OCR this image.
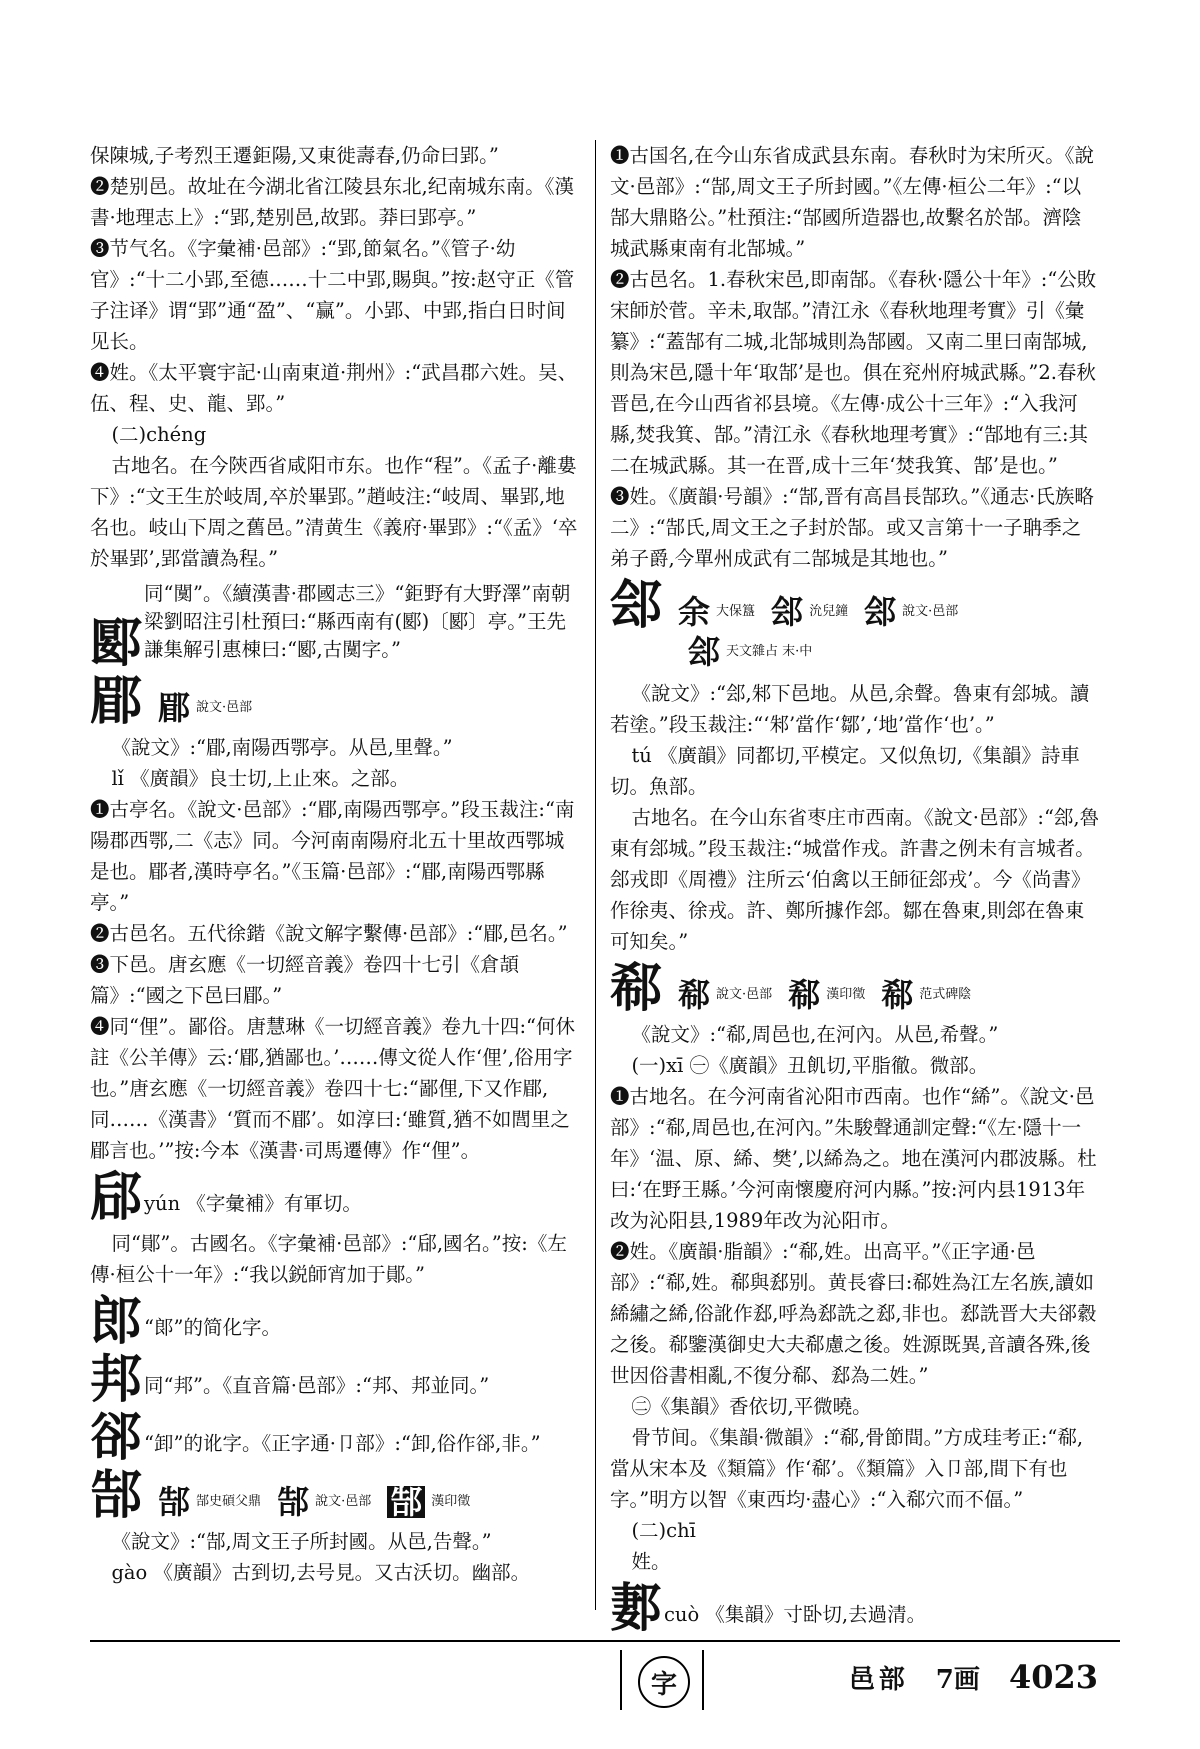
保陳城,子考烈王遷鉅陽,又東徙壽春,仍命曰郢。”

❷楚别邑。故址在今湖北省江陵县东北,纪南城东南。《漢書·地理志上》:“郢,楚别邑,故郢。莽曰郢亭。”

❸节气名。《字彙補·邑部》:“郢,節氣名。”《管子·幼官》:“十二小郢,至德……十二中郢,賜與。”按:赵守正《管子注译》谓“郢”通“盈”、“赢”。小郢、中郢,指白日时间见长。

❹姓。《太平寰宇記·山南東道·荆州》:“武昌郡六姓。吴、伍、程、史、龍、郢。”

(二)chéng

古地名。在今陝西省咸阳市东。也作“程”。《孟子·離婁下》:“文王生於岐周,卒於畢郢。”趙岐注:“岐周、畢郢,地名也。岐山下周之舊邑。”清黄生《義府·畢郢》:“《孟》‘卒於畢郢’,郢當讀為程。”

郾
同“闃”。《續漢書·郡國志三》“鉅野有大野澤”南朝梁劉昭注引杜預曰:“縣西南有(郾)〔郾〕亭。”王先謙集解引惠棟曰:“郾,古闃字。”
郿 郿 說文·邑部

《說文》:“郿,南陽西鄂亭。从邑,里聲。”

lǐ 《廣韻》良士切,上止來。之部。

❶古亭名。《說文·邑部》:“郿,南陽西鄂亭。”段玉裁注:“南陽郡西鄂,二《志》同。今河南南陽府北五十里故西鄂城是也。郿者,漢時亭名。”《玉篇·邑部》:“郿,南陽西鄂縣亭。”

❷古邑名。五代徐鍇《說文解字繫傳·邑部》:“郿,邑名。”

❸下邑。唐玄應《一切經音義》卷四十七引《倉頡篇》:“國之下邑曰郿。”

❹同“俚”。鄙俗。唐慧琳《一切經音義》卷九十四:“何休註《公羊傳》云:‘郿,猶鄙也。’……傳文從人作‘俚’,俗用字也。”唐玄應《一切經音義》卷四十七:“鄙俚,下又作郿,同……《漢書》‘質而不郿’。如淳曰:‘雖質,猶不如閭里之郿言也。’”按:今本《漢書·司馬遷傳》作“俚”。

郈 yún 《字彙補》有軍切。

同“鄖”。古國名。《字彙補·邑部》:“郈,國名。”按:《左傳·桓公十一年》:“我以鋭師宵加于鄖。”

郎 “郞”的简化字。
邦 同“邦”。《直音篇·邑部》:“邦、邦並同。”
郤 “卸”的讹字。《正字通·卩部》:“卸,俗作郤,非。”
郜 郜 郜史碩父鼎 郜 說文·邑部 郜 漢印徵

《說文》:“郜,周文王子所封國。从邑,告聲。”

gào 《廣韻》古到切,去号見。又古沃切。幽部。

❶古国名,在今山东省成武县东南。春秋时为宋所灭。《說文·邑部》:“郜,周文王子所封國。”《左傳·桓公二年》:“以郜大鼎賂公。”杜預注:“郜國所造器也,故繫名於郜。濟陰城武縣東南有北郜城。”

❷古邑名。1.春秋宋邑,即南郜。《春秋·隱公十年》:“公敗宋師於菅。辛未,取郜。”清江永《春秋地理考實》引《彙纂》:“蓋郜有二城,北郜城則為郜國。又南二里曰南郜城,則為宋邑,隱十年‘取郜’是也。俱在兖州府城武縣。”2.春秋晋邑,在今山西省祁县境。《左傳·成公十三年》:“入我河縣,焚我箕、郜。”清江永《春秋地理考實》:“郜地有三:其二在城武縣。其一在晋,成十三年‘焚我箕、郜’是也。”

❸姓。《廣韻·号韻》:“郜,晋有高昌長郜玖。”《通志·氏族略二》:“郜氏,周文王之子封於郜。或又言第十一子聃季之弟子爵,今單州成武有二郜城是其地也。”

郐 余 大保簋 郐 沇兒鐘 郐 說文·邑部
郐 天文雜占 末·中

《說文》:“郐,邾下邑地。从邑,余聲。魯東有郐城。讀若塗。”段玉裁注:“‘邾’當作‘鄒’,‘地’當作‘也’。”

tú 《廣韻》同都切,平模定。又似魚切,《集韻》詩車切。魚部。

古地名。在今山东省枣庄市西南。《說文·邑部》:“郐,魯東有郐城。”段玉裁注:“城當作戎。許書之例未有言城者。郐戎即《周禮》注所云‘伯禽以王師征郐戎’。今《尚書》作徐夷、徐戎。許、鄭所據作郐。鄒在魯東,則郐在魯東可知矣。”

郗 郗 說文·邑部 郗 漢印徵 郗 范式碑陰

《說文》:“郗,周邑也,在河內。从邑,希聲。”

(一)xī ㊀《廣韻》丑飢切,平脂徹。微部。

❶古地名。在今河南省沁阳市西南。也作“絺”。《說文·邑部》:“郗,周邑也,在河內。”朱駿聲通訓定聲:“《左·隱十一年》‘温、原、絺、樊’,以絺為之。地在漢河内郡波縣。杜曰:‘在野王縣。’今河南懷慶府河内縣。”按:河内县1913年改为沁阳县,1989年改为沁阳市。

❷姓。《廣韻·脂韻》:“郗,姓。出高平。”《正字通·邑部》:“郗,姓。郗與郄别。黄長睿曰:郗姓為江左名族,讀如絺繡之絺,俗訛作郄,呼為郄詵之郄,非也。郄詵晋大夫郤縠之後。郗鑒漢御史大夫郗慮之後。姓源既異,音讀各殊,後世因俗書相亂,不復分郗、郄為二姓。”

㊁《集韻》香依切,平微曉。

骨节间。《集韻·微韻》:“郗,骨節間。”方成珪考正:“郗,當从宋本及《類篇》作‘郗’。《類篇》入卩部,間下有也字。”明方以智《東西均·盡心》:“入郗穴而不偪。”

(二)chī

姓。

郪 cuò 《集韻》寸卧切,去過清。
字	邑部 7画 4023
